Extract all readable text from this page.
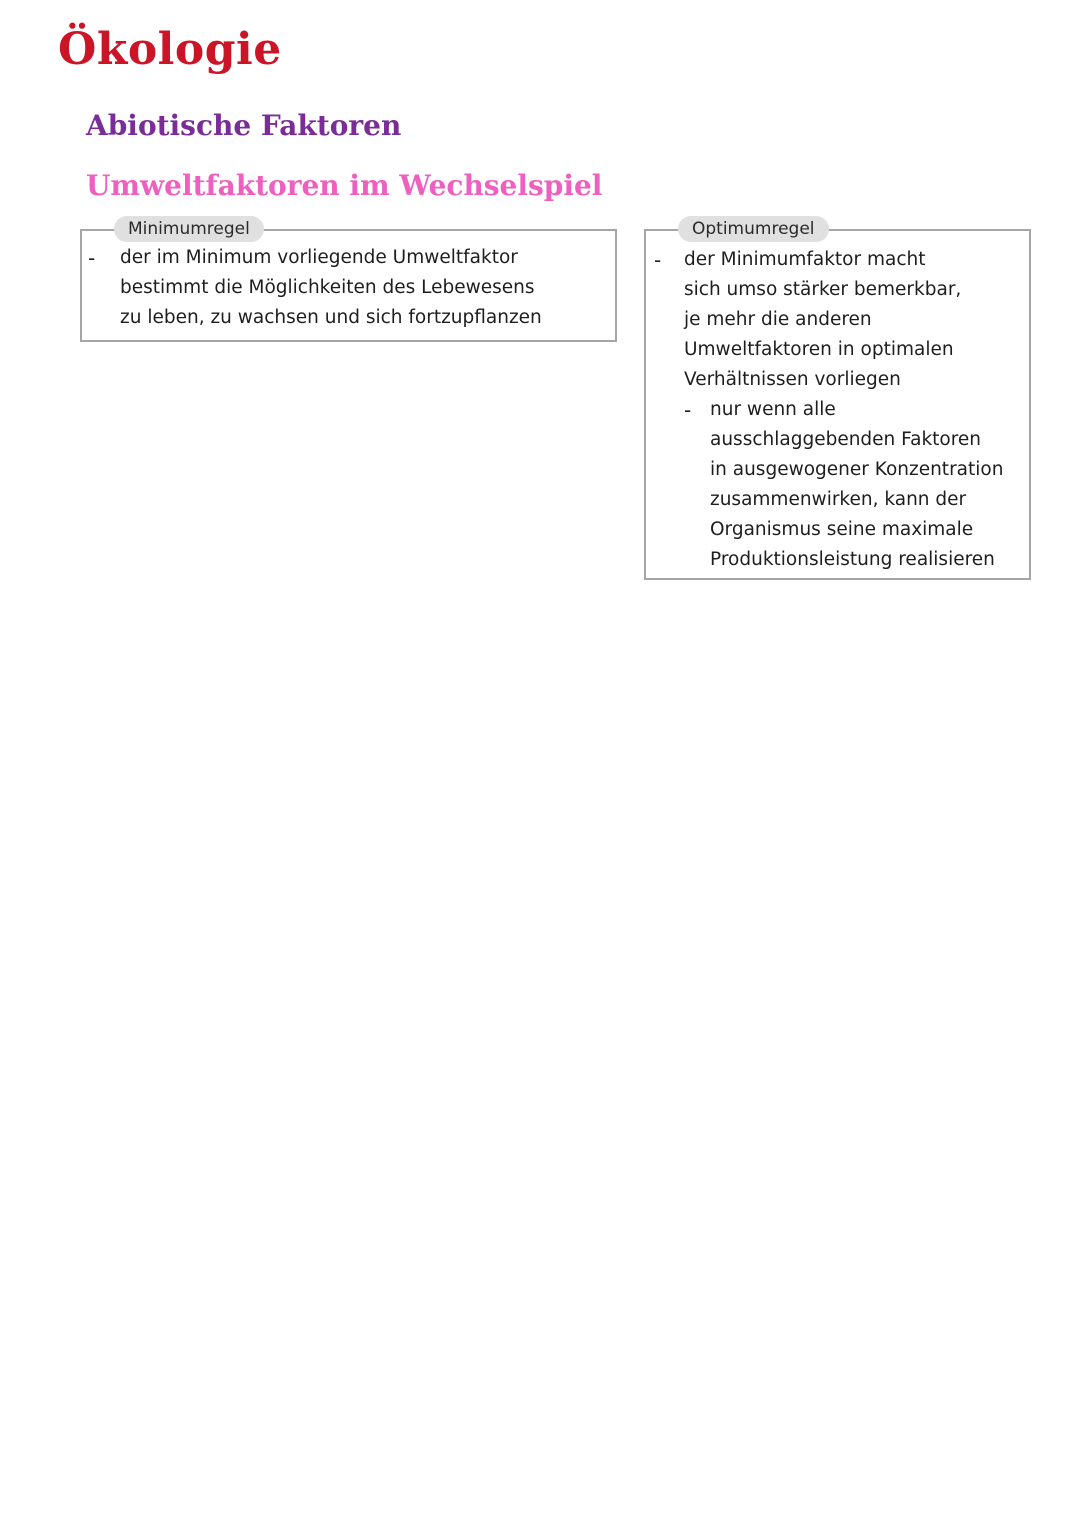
Ökologie
Abiotische Faktoren
Umweltfaktoren im Wechselspiel
Minimumregel
- der im Minimum vorliegende Umweltfaktor
bestimmt die Möglichkeiten des Lebewesens
zu leben, zu wachsen und sich fortzupflanzen
Optimumregel
- der Minimumfaktor macht
sich umso stärker bemerkbar,
je mehr die anderen
Umweltfaktoren in optimalen
Verhältnissen vorliegen
- nur wenn alle
ausschlaggebenden Faktoren
in ausgewogener Konzentration
zusammenwirken, kann der
Organismus seine maximale
Produktionsleistung realisieren
